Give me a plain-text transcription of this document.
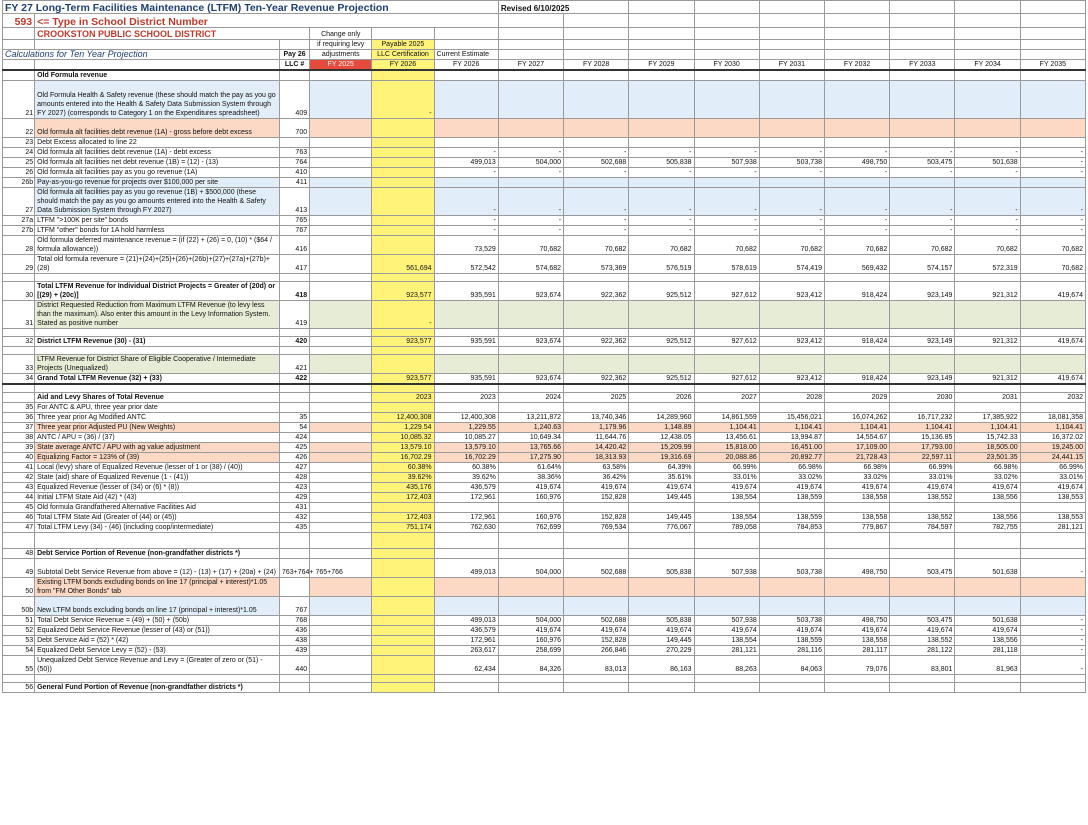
FY 27 Long-Term Facilities Maintenance (LTFM) Ten-Year Revenue Projection						Revised 6/10/2025								
593	<= Type in School District Number													
	CROOKSTON PUBLIC SCHOOL DISTRICT		Change only											
			if requiring levy	Payable 2025										
Calculations for Ten Year Projection		Pay 26	adjustments	LLC Certification	Current Estimate									
		LLC #	FY 2025	FY 2026	FY 2026	FY 2027	FY 2028	FY 2029	FY 2030	FY 2031	FY 2032	FY 2033	FY 2034	FY 2035
	Old Formula revenue													
21	Old Formula Health & Safety revenue (these should match the pay as you go amounts entered into the Health & Safety Data Submission System through FY 2027) (corresponds to Category 1 on the Expenditures spreadsheet)	409		-										
22	Old formula alt facilities debt revenue (1A) - gross before debt excess	700												
23	Debt Excess allocated to line 22													
24	Old formula alt facilities debt revenue (1A) - debt excess	763			-	-	-	-	-	-	-	-	-	-
25	Old formula alt facilities net debt revenue (1B) = (12) - (13)	764			499,013	504,000	502,688	505,838	507,938	503,738	498,750	503,475	501,638	-
26	Old formula alt facilities pay as you go revenue (1A)	410			-	-	-	-	-	-	-	-	-	-
26b	Pay-as-you-go revenue for projects over $100,000 per site	411												
27	Old formula alt facilities pay as you go revenue (1B) + $500,000 (these should match the pay as you go amounts entered into the Health & Safety Data Submission System through FY 2027)	413			-	-	-	-	-	-	-	-	-	-
27a	LTFM ">100K per site" bonds	765			-	-	-	-	-	-	-	-	-	-
27b	LTFM "other" bonds for 1A hold harmless	767			-	-	-	-	-	-	-	-	-	-
28	Old formula deferred maintenance revenue = (if (22) + (26) = 0, (10) * ($64 / formula allowance))	416			73,529	70,682	70,682	70,682	70,682	70,682	70,682	70,682	70,682	70,682
29	Total old formula revenure = (21)+(24)+(25)+(26)+(26b)+(27)+(27a)+(27b)+(28)	417		561,694	572,542	574,682	573,369	576,519	578,619	574,419	569,432	574,157	572,319	70,682

30	Total LTFM Revenue for Individual District Projects = Greater of (20d) or [(29) + (20c)]	418		923,577	935,591	923,674	922,362	925,512	927,612	923,412	918,424	923,149	921,312	419,674
31	District Requested Reduction from Maximum LTFM Revenue (to levy less than the maximum). Also enter this amount in the Levy Information System. Stated as positive number	419		-										

32	District LTFM Revenue (30) - (31)	420		923,577	935,591	923,674	922,362	925,512	927,612	923,412	918,424	923,149	921,312	419,674

33	LTFM Revenue for District Share of Eligible Cooperative / Intermediate Projects (Unequalized)	421												
34	Grand Total LTFM Revenue (32) + (33)	422		923,577	935,591	923,674	922,362	925,512	927,612	923,412	918,424	923,149	921,312	419,674

	Aid and Levy Shares of Total Revenue			2023	2023	2024	2025	2026	2027	2028	2029	2030	2031	2032
35	For ANTC & APU, three year prior date													
36	Three year prior Ag Modified ANTC	35		12,400,308	12,400,308	13,211,872	13,740,346	14,289,960	14,861,559	15,456,021	16,074,262	16,717,232	17,385,922	18,081,358
37	Three year prior Adjusted PU (New Weights)	54		1,229.54	1,229.55	1,240.63	1,179.96	1,148.89	1,104.41	1,104.41	1,104.41	1,104.41	1,104.41	1,104.41
38	ANTC / APU = (36) / (37)	424		10,085.32	10,085.27	10,649.34	11,644.76	12,438.05	13,456.61	13,994.87	14,554.67	15,136.85	15,742.33	16,372.02
39	State average ANTC / APU with ag value adjustment	425		13,579.10	13,579.10	13,765.66	14,420.42	15,209.99	15,818.00	16,451.00	17,109.00	17,793.00	18,505.00	19,245.00
40	Equalizing Factor = 123% of (39)	426		16,702.29	16,702.29	17,275.90	18,313.93	19,316.69	20,088.86	20,892.77	21,728.43	22,597.11	23,501.35	24,441.15
41	Local (levy) share of Equalized Revenue (lesser of 1 or (38) / (40))	427		60.38%	60.38%	61.64%	63.58%	64.39%	66.99%	66.98%	66.98%	66.99%	66.98%	66.99%
42	State (aid) share of Equalized Revenue (1 - (41))	428		39.62%	39.62%	38.36%	36.42%	35.61%	33.01%	33.02%	33.02%	33.01%	33.02%	33.01%
43	Equalized Revenue (lesser of (34) or (6) * (8))	423		435,176	436,579	419,674	419,674	419,674	419,674	419,674	419,674	419,674	419,674	419,674
44	Initial LTFM State Aid (42) * (43)	429		172,403	172,961	160,976	152,828	149,445	138,554	138,559	138,558	138,552	138,556	138,553
45	Old formula Grandfathered Alternative Facilities Aid	431												
46	Total LTFM State Aid (Greater of (44) or (45))	432		172,403	172,961	160,976	152,828	149,445	138,554	138,559	138,558	138,552	138,556	138,553
47	Total LTFM Levy (34) - (46) (including coop/intermediate)	435		751,174	762,630	762,699	769,534	776,067	789,058	784,853	779,867	784,597	782,755	281,121

48	Debt Service Portion of Revenue (non-grandfather districts *)													
49	Subtotal Debt Service Revenue from above = (12) - (13) + (17) + (20a) + (24)	763+764+ 765+766			499,013	504,000	502,688	505,838	507,938	503,738	498,750	503,475	501,638	-
50	Existing LTFM bonds excluding bonds on line 17 (principal + interest)*1.05 from "FM Other Bonds" tab													
50b	New LTFM bonds excluding bonds on line 17 (principal + interest)*1.05	767												
51	Total Debt Service Revenue = (49) + (50) + (50b)	768			499,013	504,000	502,688	505,838	507,938	503,738	498,750	503,475	501,638	-
52	Equalized Debt Service Revenue (lesser of (43) or (51))	436			436,579	419,674	419,674	419,674	419,674	419,674	419,674	419,674	419,674	-
53	Debt Service Aid = (52) * (42)	438			172,961	160,976	152,828	149,445	138,554	138,559	138,558	138,552	138,556	-
54	Equalized Debt Service Levy = (52) - (53)	439			263,617	258,699	266,846	270,229	281,121	281,116	281,117	281,122	281,118	-
55	Unequalized Debt Service Revenue and Levy = (Greater of zero or (51) - (50))	440			62,434	84,326	83,013	86,163	88,263	84,063	79,076	83,801	81,963	-

56	General Fund Portion of Revenue (non-grandfather districts *)													
